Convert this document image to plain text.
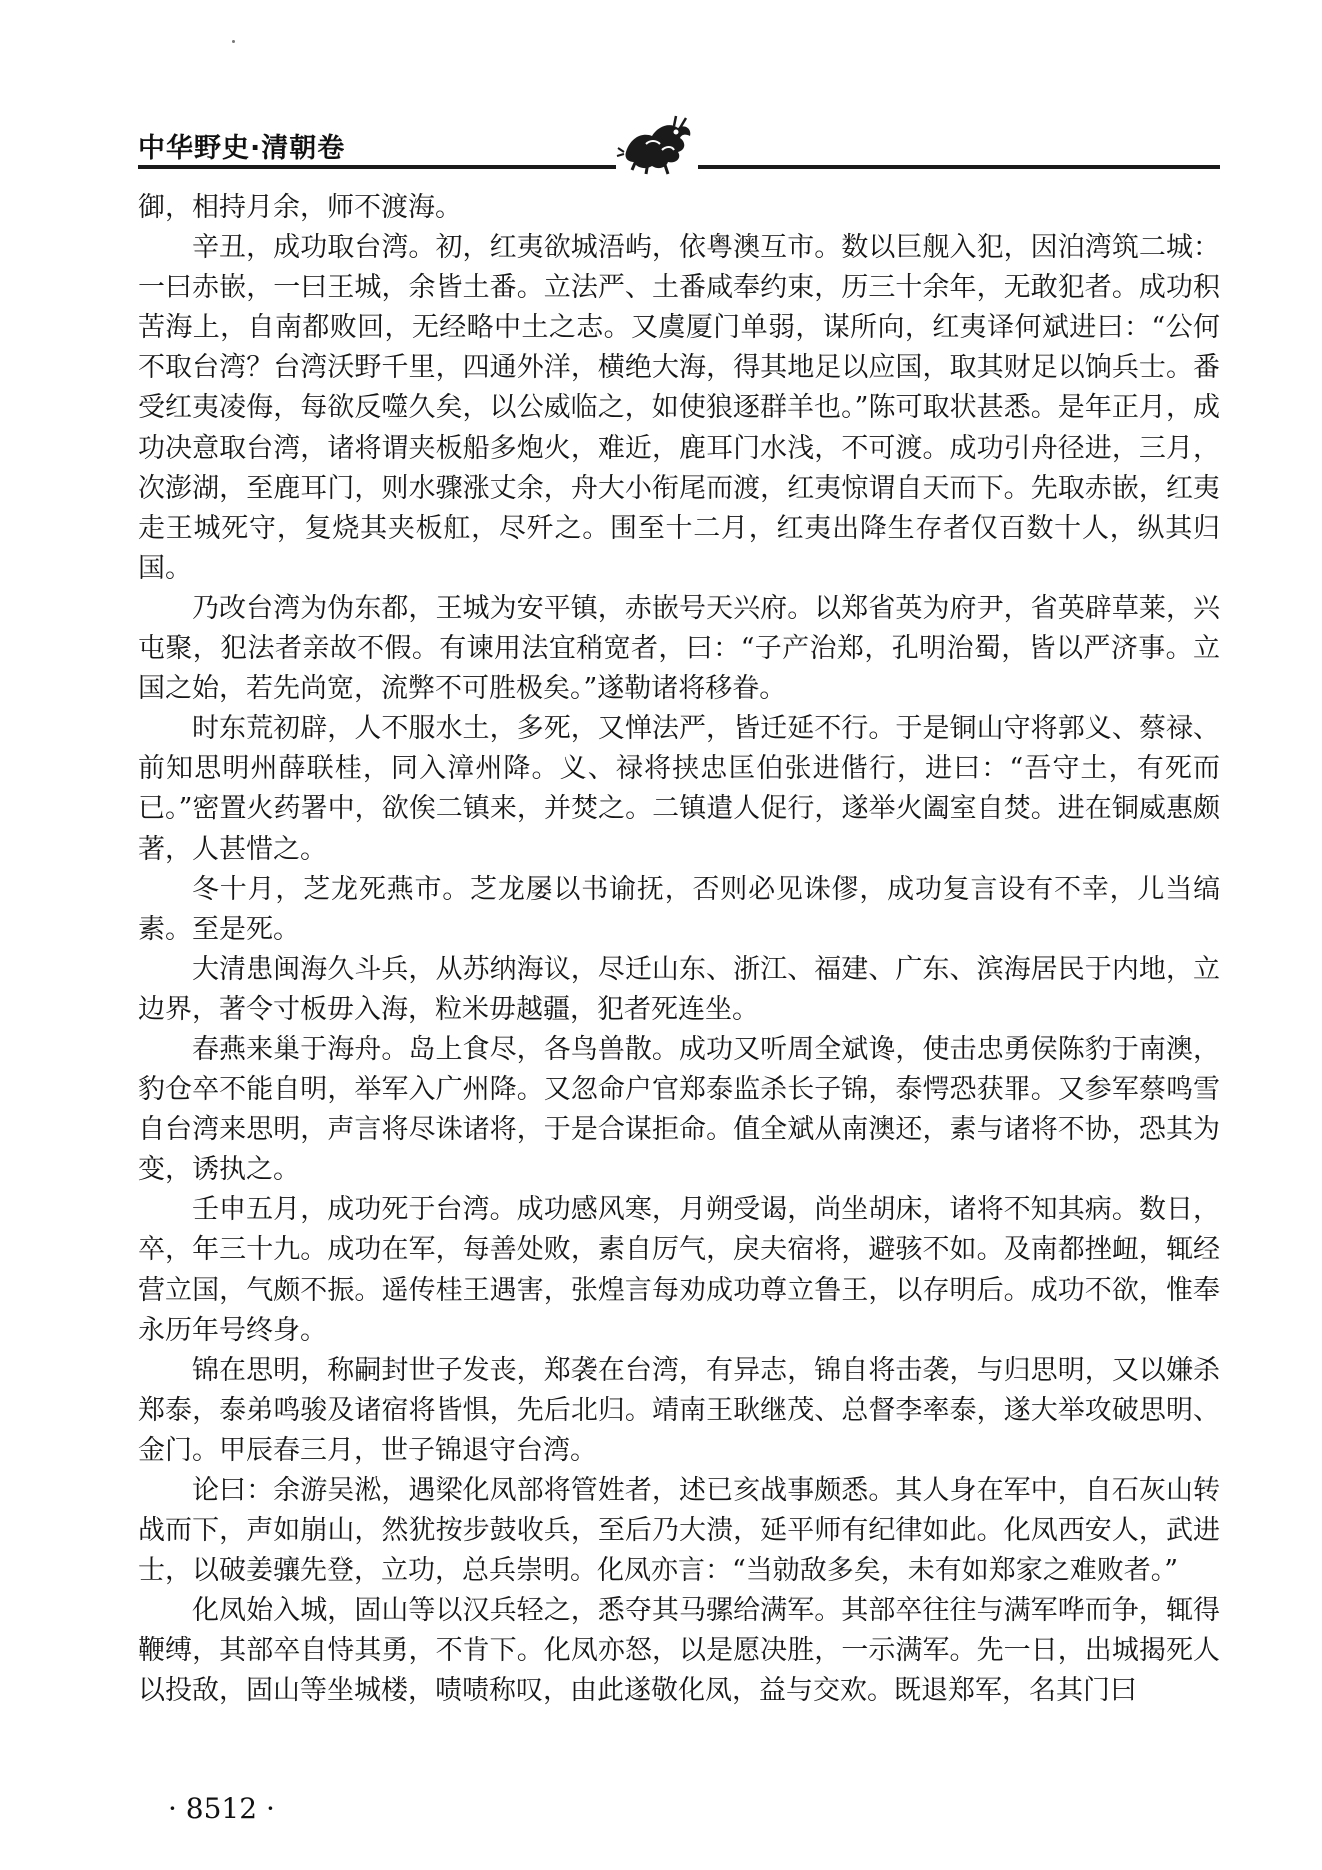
中华野史·清朝卷

御，相持月余，师不渡海。

辛丑，成功取台湾。初，红夷欲城浯屿，依粤澳互市。数以巨舰入犯，因泊湾筑二城：一曰赤嵌，一曰王城，余皆土番。立法严、土番咸奉约束，历三十余年，无敢犯者。成功积苦海上，自南都败回，无经略中土之志。又虞厦门单弱，谋所向，红夷译何斌进曰：“公何不取台湾？台湾沃野千里，四通外洋，横绝大海，得其地足以应国，取其财足以饷兵士。番受红夷凌侮，每欲反噬久矣，以公威临之，如使狼逐群羊也。”陈可取状甚悉。是年正月，成功决意取台湾，诸将谓夹板船多炮火，难近，鹿耳门水浅，不可渡。成功引舟径进，三月，次澎湖，至鹿耳门，则水骤涨丈余，舟大小衔尾而渡，红夷惊谓自天而下。先取赤嵌，红夷走王城死守，复烧其夹板舡，尽歼之。围至十二月，红夷出降生存者仅百数十人，纵其归国。

乃改台湾为伪东都，王城为安平镇，赤嵌号天兴府。以郑省英为府尹，省英辟草莱，兴屯聚，犯法者亲故不假。有谏用法宜稍宽者，曰：“子产治郑，孔明治蜀，皆以严济事。立国之始，若先尚宽，流弊不可胜极矣。”遂勒诸将移眷。

时东荒初辟，人不服水土，多死，又惮法严，皆迁延不行。于是铜山守将郭义、蔡禄、前知思明州薛联桂，同入漳州降。义、禄将挟忠匡伯张进偕行，进曰：“吾守土，有死而已。”密置火药署中，欲俟二镇来，并焚之。二镇遣人促行，遂举火阖室自焚。进在铜威惠颇著，人甚惜之。

冬十月，芝龙死燕市。芝龙屡以书谕抚，否则必见诛僇，成功复言设有不幸，儿当缟素。至是死。

大清患闽海久斗兵，从苏纳海议，尽迁山东、浙江、福建、广东、滨海居民于内地，立边界，著令寸板毋入海，粒米毋越疆，犯者死连坐。

春燕来巢于海舟。岛上食尽，各鸟兽散。成功又听周全斌谗，使击忠勇侯陈豹于南澳，豹仓卒不能自明，举军入广州降。又忽命户官郑泰监杀长子锦，泰愕恐获罪。又参军蔡鸣雪自台湾来思明，声言将尽诛诸将，于是合谋拒命。值全斌从南澳还，素与诸将不协，恐其为变，诱执之。

壬申五月，成功死于台湾。成功感风寒，月朔受谒，尚坐胡床，诸将不知其病。数日，卒，年三十九。成功在军，每善处败，素自厉气，戾夫宿将，避骇不如。及南都挫衄，辄经营立国，气颇不振。遥传桂王遇害，张煌言每劝成功尊立鲁王，以存明后。成功不欲，惟奉永历年号终身。

锦在思明，称嗣封世子发丧，郑袭在台湾，有异志，锦自将击袭，与归思明，又以嫌杀郑泰，泰弟鸣骏及诸宿将皆惧，先后北归。靖南王耿继茂、总督李率泰，遂大举攻破思明、金门。甲辰春三月，世子锦退守台湾。

论曰：余游吴淞，遇梁化凤部将管姓者，述已亥战事颇悉。其人身在军中，自石灰山转战而下，声如崩山，然犹按步鼓收兵，至后乃大溃，延平师有纪律如此。化凤西安人，武进士，以破姜骧先登，立功，总兵崇明。化凤亦言：“当勍敌多矣，未有如郑家之难败者。”

化凤始入城，固山等以汉兵轻之，悉夺其马骡给满军。其部卒往往与满军哗而争，辄得鞭缚，其部卒自恃其勇，不肯下。化凤亦怒，以是愿决胜，一示满军。先一日，出城揭死人以投敌，固山等坐城楼，啧啧称叹，由此遂敬化凤，益与交欢。既退郑军，名其门曰

· 8512 ·
